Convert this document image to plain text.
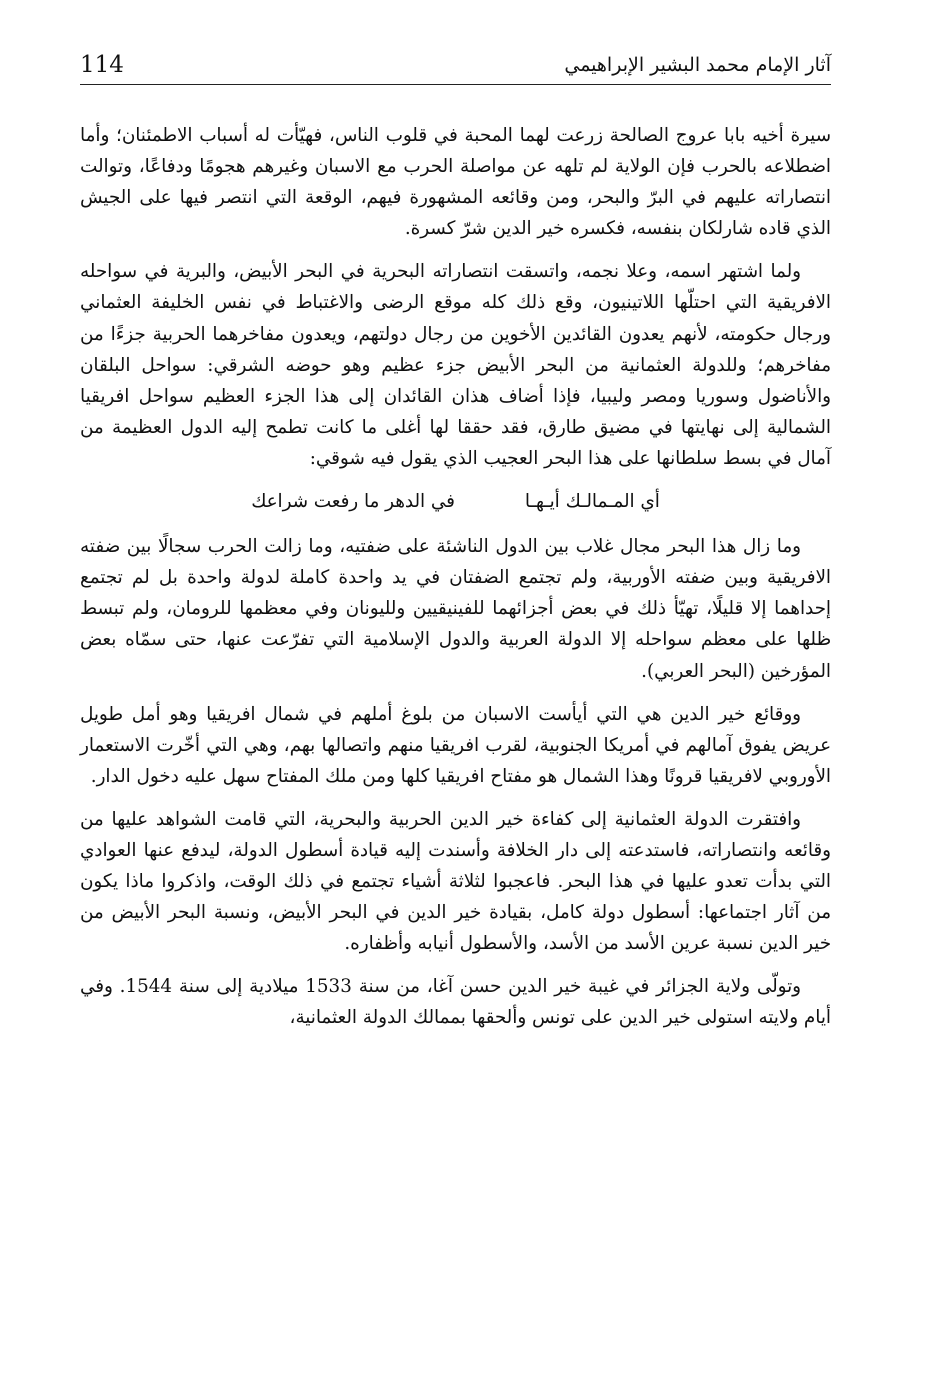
114	آثار الإمام محمد البشير الإبراهيمي

سيرة أخيه بابا عروج الصالحة زرعت لهما المحبة في قلوب الناس، فهيّأت له أسباب الاطمئنان؛ وأما اضطلاعه بالحرب فإن الولاية لم تلهه عن مواصلة الحرب مع الاسبان وغيرهم هجومًا ودفاعًا، وتوالت انتصاراته عليهم في البرّ والبحر، ومن وقائعه المشهورة فيهم، الوقعة التي انتصر فيها على الجيش الذي قاده شارلكان بنفسه، فكسره خير الدين شرّ كسرة.

ولما اشتهر اسمه، وعلا نجمه، واتسقت انتصاراته البحرية في البحر الأبيض، والبرية في سواحله الافريقية التي احتلّها اللاتينيون، وقع ذلك كله موقع الرضى والاغتباط في نفس الخليفة العثماني ورجال حكومته، لأنهم يعدون القائدين الأخوين من رجال دولتهم، ويعدون مفاخرهما الحربية جزءًا من مفاخرهم؛ وللدولة العثمانية من البحر الأبيض جزء عظيم وهو حوضه الشرقي: سواحل البلقان والأناضول وسوريا ومصر وليبيا، فإذا أضاف هذان القائدان إلى هذا الجزء العظيم سواحل افريقيا الشمالية إلى نهايتها في مضيق طارق، فقد حققا لها أغلى ما كانت تطمح إليه الدول العظيمة من آمال في بسط سلطانها على هذا البحر العجيب الذي يقول فيه شوقي:

أي المـمالـك أيـهـا
في الدهر ما رفعت شراعك

وما زال هذا البحر مجال غلاب بين الدول الناشئة على ضفتيه، وما زالت الحرب سجالًا بين ضفته الافريقية وبين ضفته الأوربية، ولم تجتمع الضفتان في يد واحدة كاملة لدولة واحدة بل لم تجتمع إحداهما إلا قليلًا، تهيّأ ذلك في بعض أجزائهما للفينيقيين ولليونان وفي معظمها للرومان، ولم تبسط ظلها على معظم سواحله إلا الدولة العربية والدول الإسلامية التي تفرّعت عنها، حتى سمّاه بعض المؤرخين (البحر العربي).

ووقائع خير الدين هي التي أيأست الاسبان من بلوغ أملهم في شمال افريقيا وهو أمل طويل عريض يفوق آمالهم في أمريكا الجنوبية، لقرب افريقيا منهم واتصالها بهم، وهي التي أخّرت الاستعمار الأوروبي لافريقيا قرونًا وهذا الشمال هو مفتاح افريقيا كلها ومن ملك المفتاح سهل عليه دخول الدار.

وافتقرت الدولة العثمانية إلى كفاءة خير الدين الحربية والبحرية، التي قامت الشواهد عليها من وقائعه وانتصاراته، فاستدعته إلى دار الخلافة وأسندت إليه قيادة أسطول الدولة، ليدفع عنها العوادي التي بدأت تعدو عليها في هذا البحر. فاعجبوا لثلاثة أشياء تجتمع في ذلك الوقت، واذكروا ماذا يكون من آثار اجتماعها: أسطول دولة كامل، بقيادة خير الدين في البحر الأبيض، ونسبة البحر الأبيض من خير الدين نسبة عرين الأسد من الأسد، والأسطول أنيابه وأظفاره.

وتولّى ولاية الجزائر في غيبة خير الدين حسن آغا، من سنة 1533 ميلادية إلى سنة 1544. وفي أيام ولايته استولى خير الدين على تونس وألحقها بممالك الدولة العثمانية،
